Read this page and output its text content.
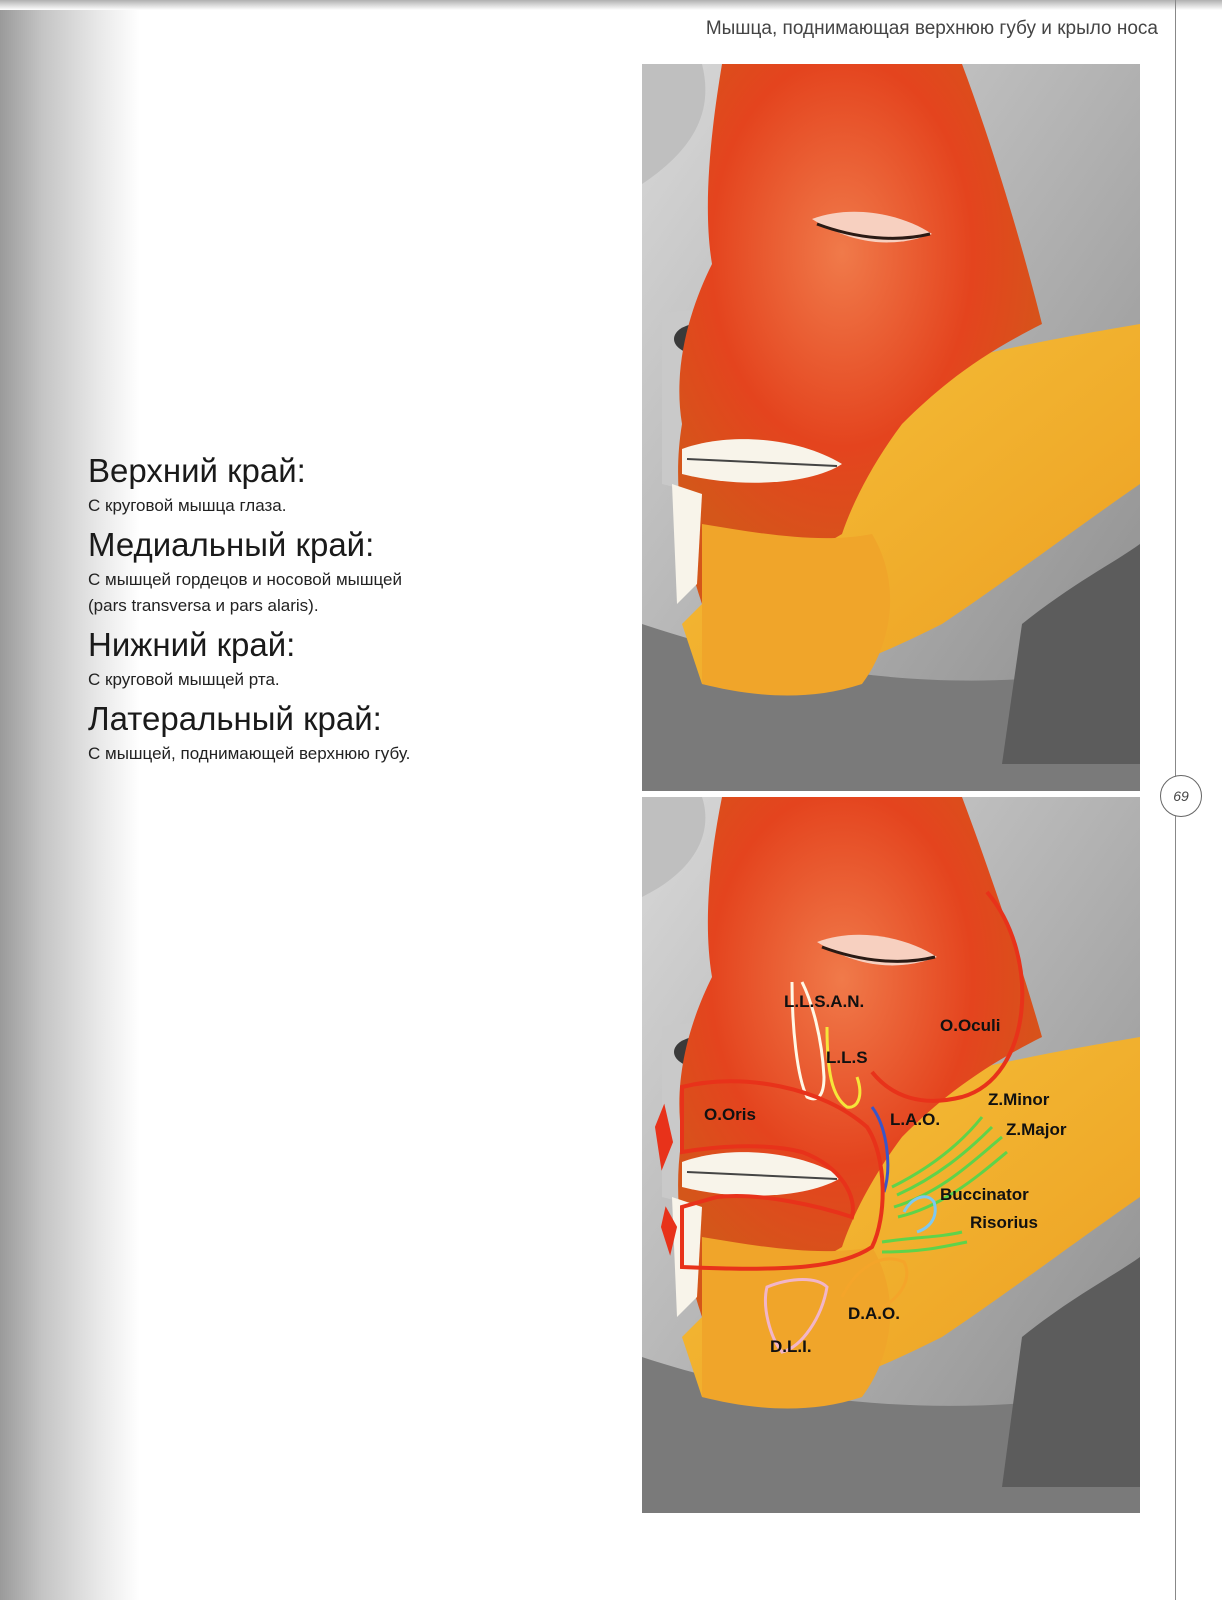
Мышца, поднимающая верхнюю губу и крыло носа
69
Верхний край:

С круговой мышцa глаза.

Медиальный край:

С мышцей гордецов и носовой мышцей
(pars transversa и pars alaris).

Нижний край:

С круговой мышцей рта.

Латеральный край:

С мышцей, поднимающей верхнюю губу.

L.L.S.A.N.
L.L.S
O.Oculi
O.Oris	L.A.O.
Z.Minor
Z.Major
Buccinator
Risorius
D.A.O.
D.L.I.
